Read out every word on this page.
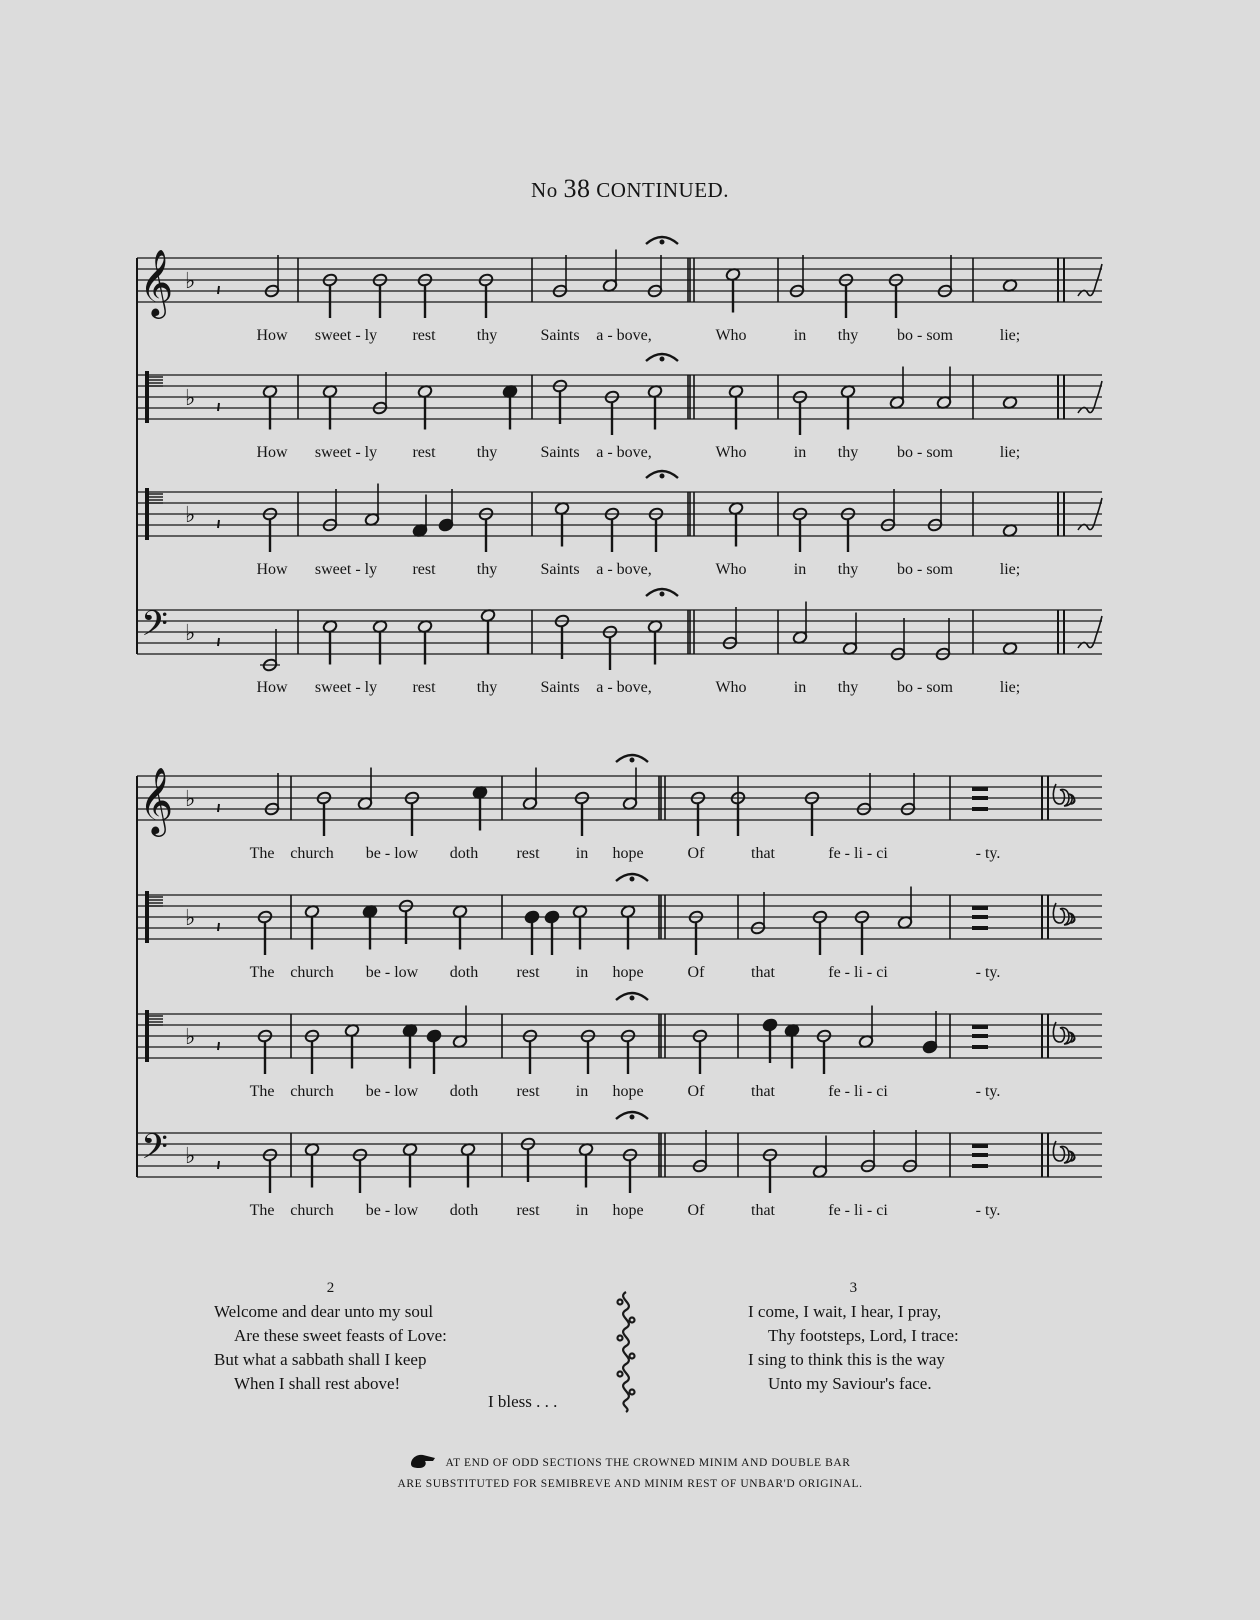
No 38 CONTINUED.
𝄞 ♭
How sweet - ly rest	thy	Saints a - bove,	Who	in thy bo - som	lie;
♭
How sweet - ly rest	thy	Saints a - bove,	Who	in thy bo - som	lie;
♭
How sweet - ly rest	thy	Saints a - bove,	Who	in thy bo - som	lie;
𝄢 ♭
How sweet - ly rest	thy	Saints a - bove,	Who	in thy bo - som	lie;
𝄞 ♭
The church be - low doth rest in hope	Of	that	fe - li - ci	- ty.
♭
The church be - low doth rest in hope	Of	that	fe - li - ci	- ty.
♭
The church be - low doth rest in hope	Of	that	fe - li - ci	- ty.
𝄢 ♭
The church be - low doth rest in hope	Of	that	fe - li - ci	- ty.
2
Welcome and dear unto my soul
Are these sweet feasts of Love:
But what a sabbath shall I keep
When I shall rest above!
I bless . . .
3
I come, I wait, I hear, I pray,
Thy footsteps, Lord, I trace:
I sing to think this is the way
Unto my Saviour's face.
AT END OF ODD SECTIONS THE CROWNED MINIM AND DOUBLE BAR
ARE SUBSTITUTED FOR SEMIBREVE AND MINIM REST OF UNBAR'D ORIGINAL.
